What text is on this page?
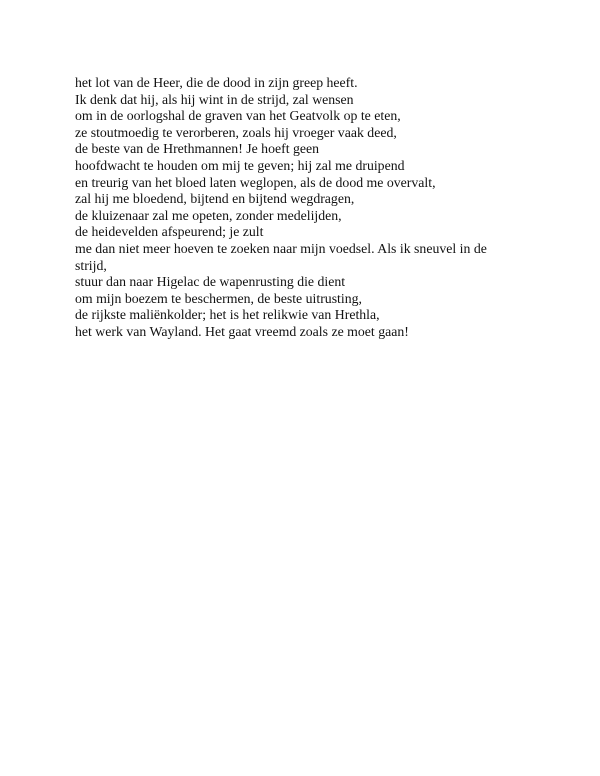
het lot van de Heer, die de dood in zijn greep heeft.
Ik denk dat hij, als hij wint in de strijd, zal wensen
om in de oorlogshal de graven van het Geatvolk op te eten,
ze stoutmoedig te verorberen, zoals hij vroeger vaak deed,
de beste van de Hrethmannen! Je hoeft geen
hoofdwacht te houden om mij te geven; hij zal me druipend
en treurig van het bloed laten weglopen, als de dood me overvalt,
zal hij me bloedend, bijtend en bijtend wegdragen,
de kluizenaar zal me opeten, zonder medelijden,
de heidevelden afspeurend; je zult
me dan niet meer hoeven te zoeken naar mijn voedsel. Als ik sneuvel in de
strijd,
stuur dan naar Higelac de wapenrusting die dient
om mijn boezem te beschermen, de beste uitrusting,
de rijkste maliënkolder; het is het relikwie van Hrethla,
het werk van Wayland. Het gaat vreemd zoals ze moet gaan!
